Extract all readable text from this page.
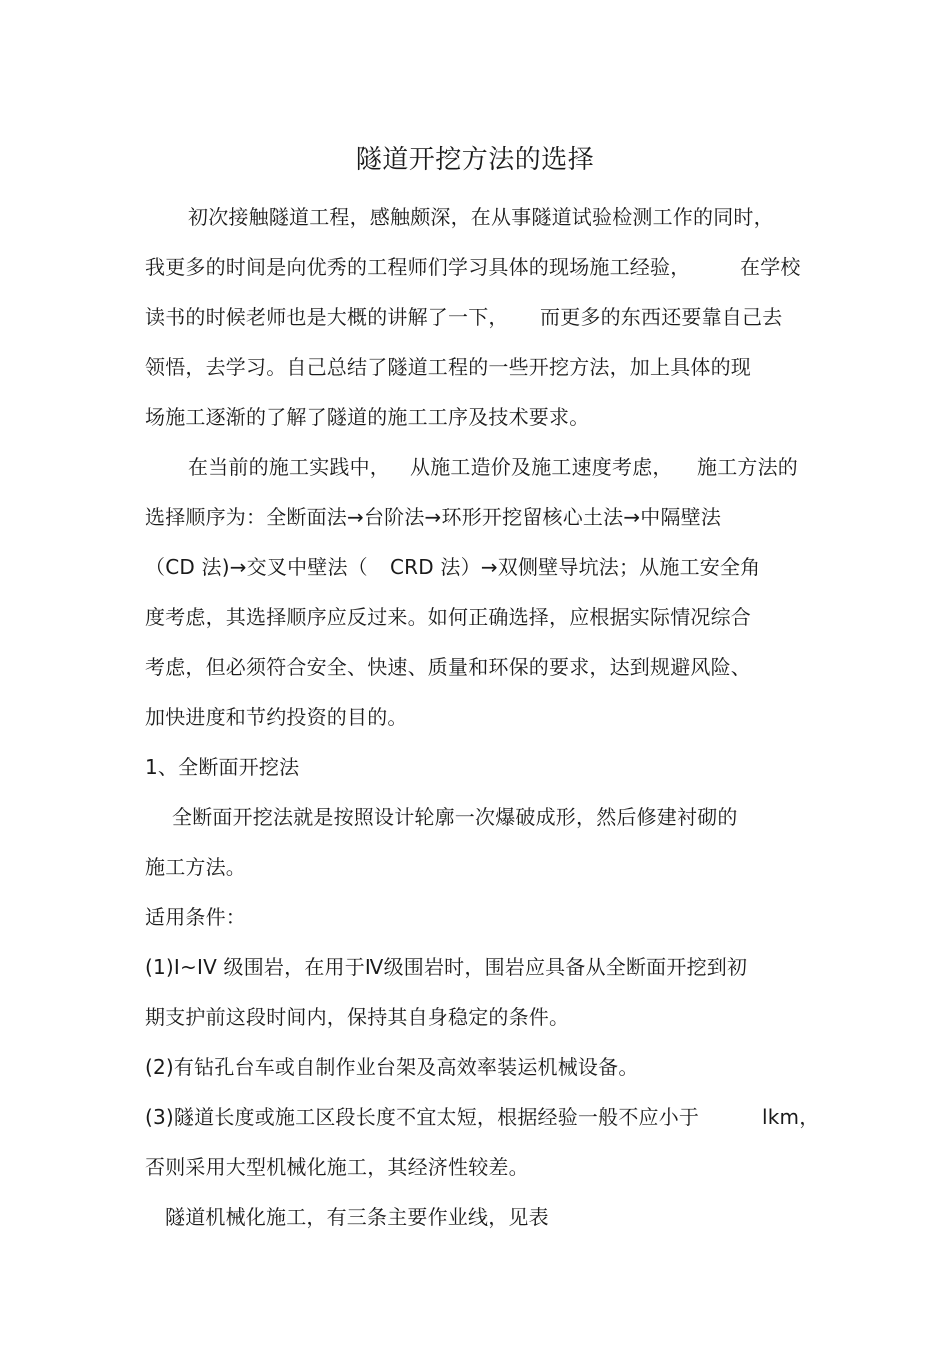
隧道开挖方法的选择
初次接触隧道工程，感触颇深，在从事隧道试验检测工作的同时，
我更多的时间是向优秀的工程师们学习具体的现场施工经验， 在学校
读书的时候老师也是大概的讲解了一下， 而更多的东西还要靠自己去
领悟，去学习。自己总结了隧道工程的一些开挖方法，加上具体的现
场施工逐渐的了解了隧道的施工工序及技术要求。
在当前的施工实践中， 从施工造价及施工速度考虑， 施工方法的
选择顺序为：全断面法→台阶法→环形开挖留核心土法→中隔壁法
（CD 法)→交叉中壁法（ CRD 法）→双侧壁导坑法；从施工安全角
度考虑，其选择顺序应反过来。如何正确选择，应根据实际情况综合
考虑，但必须符合安全、快速、质量和环保的要求，达到规避风险、
加快进度和节约投资的目的。
1、全断面开挖法
全断面开挖法就是按照设计轮廓一次爆破成形，然后修建衬砌的
施工方法。
适用条件：
(1)I~IV 级围岩，在用于Ⅳ级围岩时，围岩应具备从全断面开挖到初
期支护前这段时间内，保持其自身稳定的条件。
(2)有钻孔台车或自制作业台架及高效率装运机械设备。
(3)隧道长度或施工区段长度不宜太短，根据经验一般不应小于	lkm，
否则采用大型机械化施工，其经济性较差。
隧道机械化施工，有三条主要作业线，见表
